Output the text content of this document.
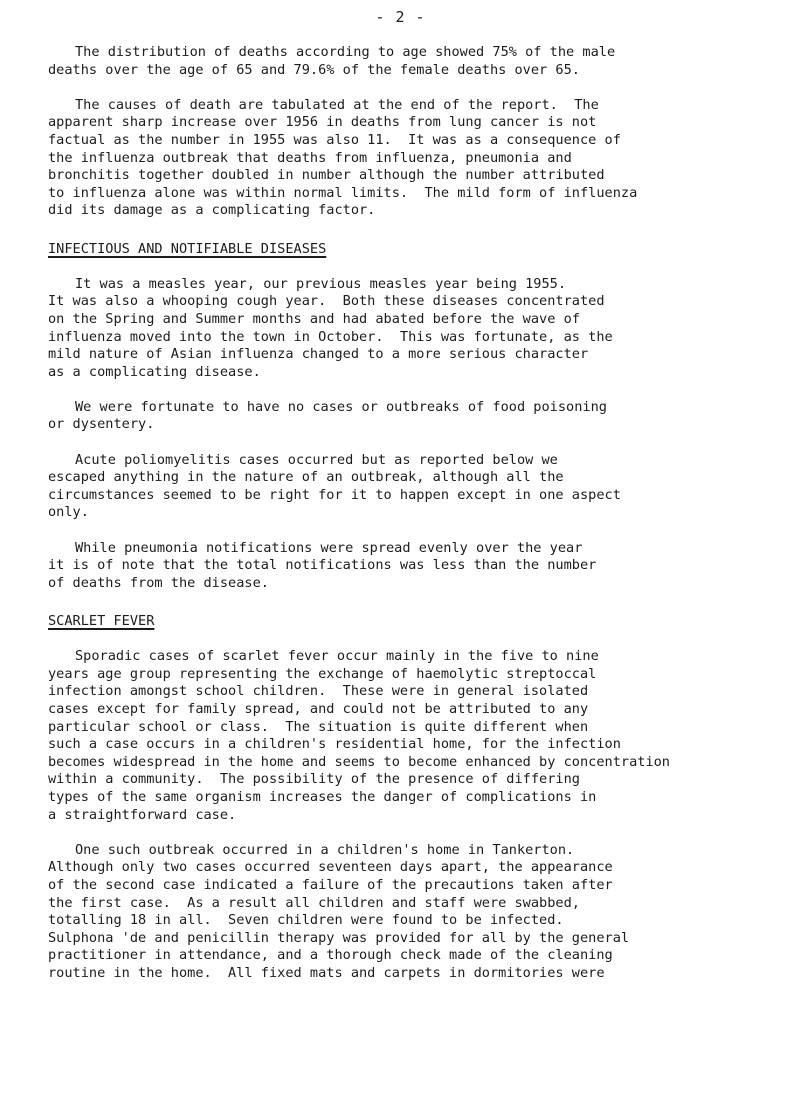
- 2 -

The distribution of deaths according to age showed 75% of the male

deaths over the age of 65 and 79.6% of the female deaths over 65.

The causes of death are tabulated at the end of the report.  The

apparent sharp increase over 1956 in deaths from lung cancer is not

factual as the number in 1955 was also 11.  It was as a consequence of

the influenza outbreak that deaths from influenza, pneumonia and

bronchitis together doubled in number although the number attributed

to influenza alone was within normal limits.  The mild form of influenza

did its damage as a complicating factor.

INFECTIOUS AND NOTIFIABLE DISEASES

It was a measles year, our previous measles year being 1955.

It was also a whooping cough year.  Both these diseases concentrated

on the Spring and Summer months and had abated before the wave of

influenza moved into the town in October.  This was fortunate, as the

mild nature of Asian influenza changed to a more serious character

as a complicating disease.

We were fortunate to have no cases or outbreaks of food poisoning

or dysentery.

Acute poliomyelitis cases occurred but as reported below we

escaped anything in the nature of an outbreak, although all the

circumstances seemed to be right for it to happen except in one aspect

only.

While pneumonia notifications were spread evenly over the year

it is of note that the total notifications was less than the number

of deaths from the disease.

SCARLET FEVER

Sporadic cases of scarlet fever occur mainly in the five to nine

years age group representing the exchange of haemolytic streptoccal

infection amongst school children.  These were in general isolated

cases except for family spread, and could not be attributed to any

particular school or class.  The situation is quite different when

such a case occurs in a children's residential home, for the infection

becomes widespread in the home and seems to become enhanced by concentration

within a community.  The possibility of the presence of differing

types of the same organism increases the danger of complications in

a straightforward case.

One such outbreak occurred in a children's home in Tankerton.

Although only two cases occurred seventeen days apart, the appearance

of the second case indicated a failure of the precautions taken after

the first case.  As a result all children and staff were swabbed,

totalling 18 in all.  Seven children were found to be infected.

Sulphona 'de and penicillin therapy was provided for all by the general

practitioner in attendance, and a thorough check made of the cleaning

routine in the home.  All fixed mats and carpets in dormitories were
